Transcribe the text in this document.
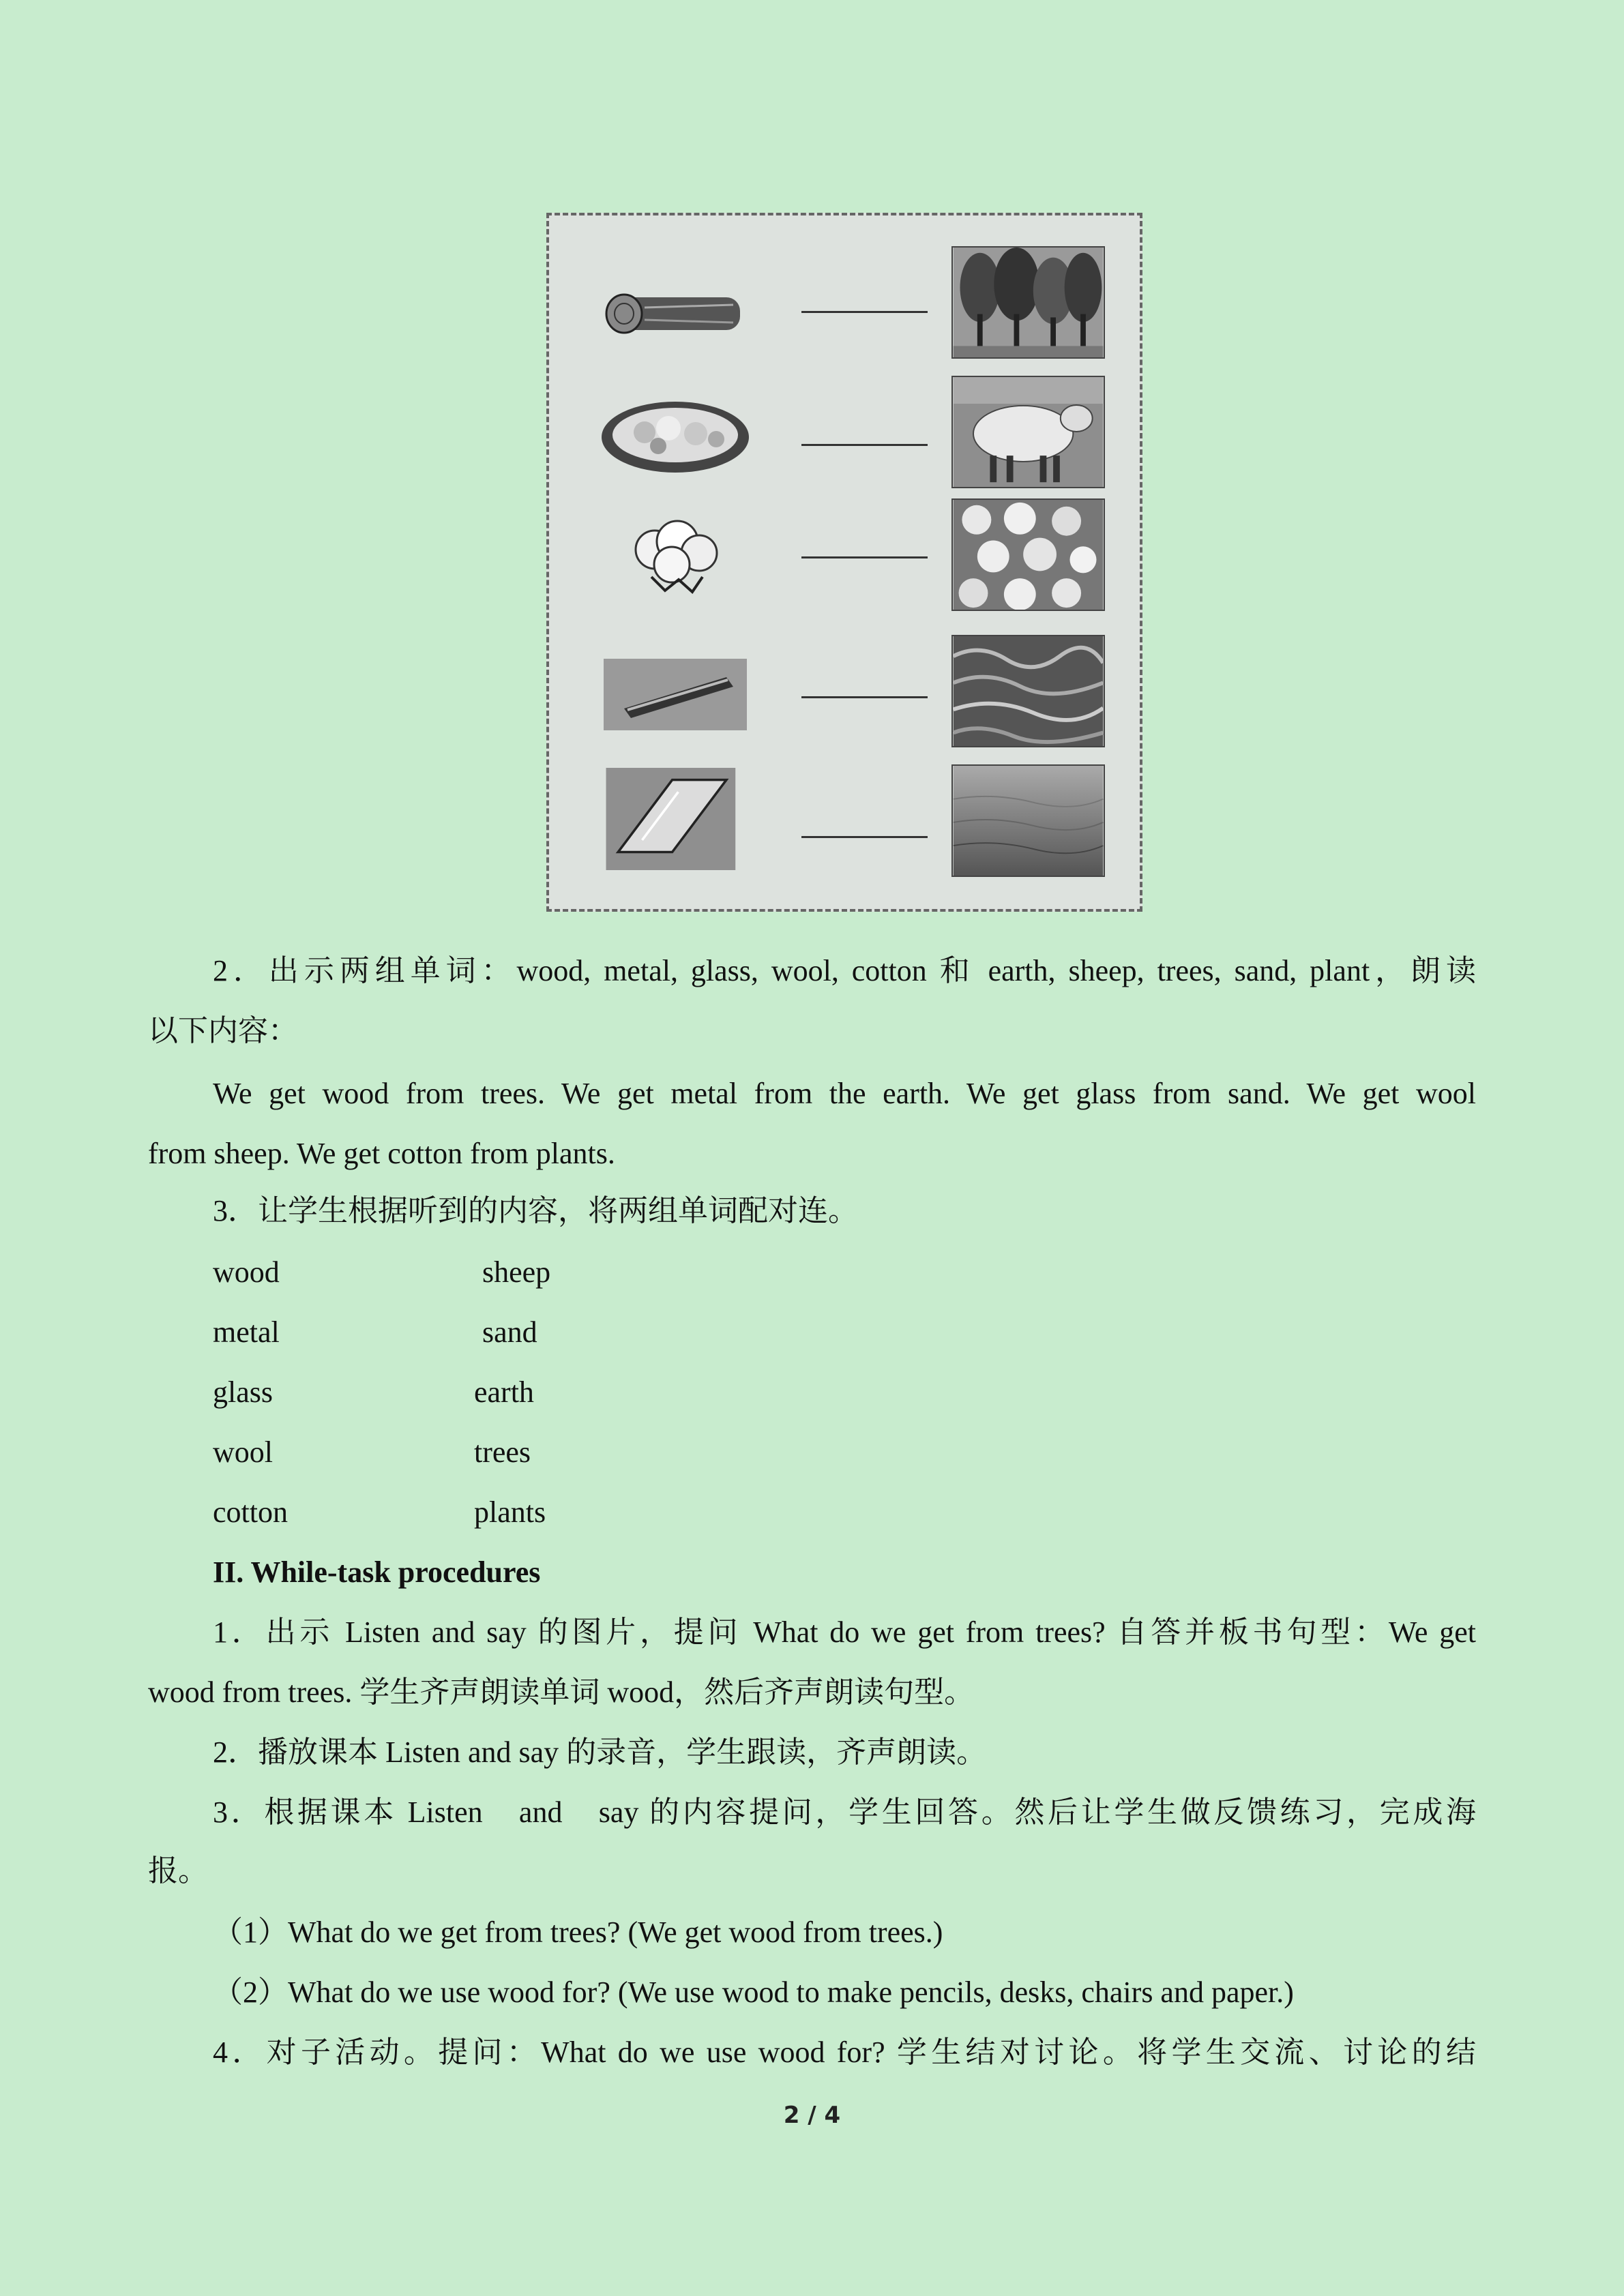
2．出示两组单词：wood, metal, glass, wool, cotton 和 earth, sheep, trees, sand, plant，朗读
以下内容：
We get wood from trees. We get metal from the earth. We get glass from sand. We get wool
from sheep. We get cotton from plants.
3．让学生根据听到的内容，将两组单词配对连。
wood	sheep
metal	sand
glass	earth
wool	trees
cotton	plants
II. While-task procedures
1．出示 Listen and say 的图片，提问 What do we get from trees? 自答并板书句型：We get
wood from trees. 学生齐声朗读单词 wood，然后齐声朗读句型。
2．播放课本 Listen and say 的录音，学生跟读，齐声朗读。
3．根据课本 Listen　and　say 的内容提问，学生回答。然后让学生做反馈练习，完成海
报。
（1）What do we get from trees? (We get wood from trees.)
（2）What do we use wood for? (We use wood to make pencils, desks, chairs and paper.)
4．对子活动。提问：What do we use wood for? 学生结对讨论。将学生交流、讨论的结
2 / 4
